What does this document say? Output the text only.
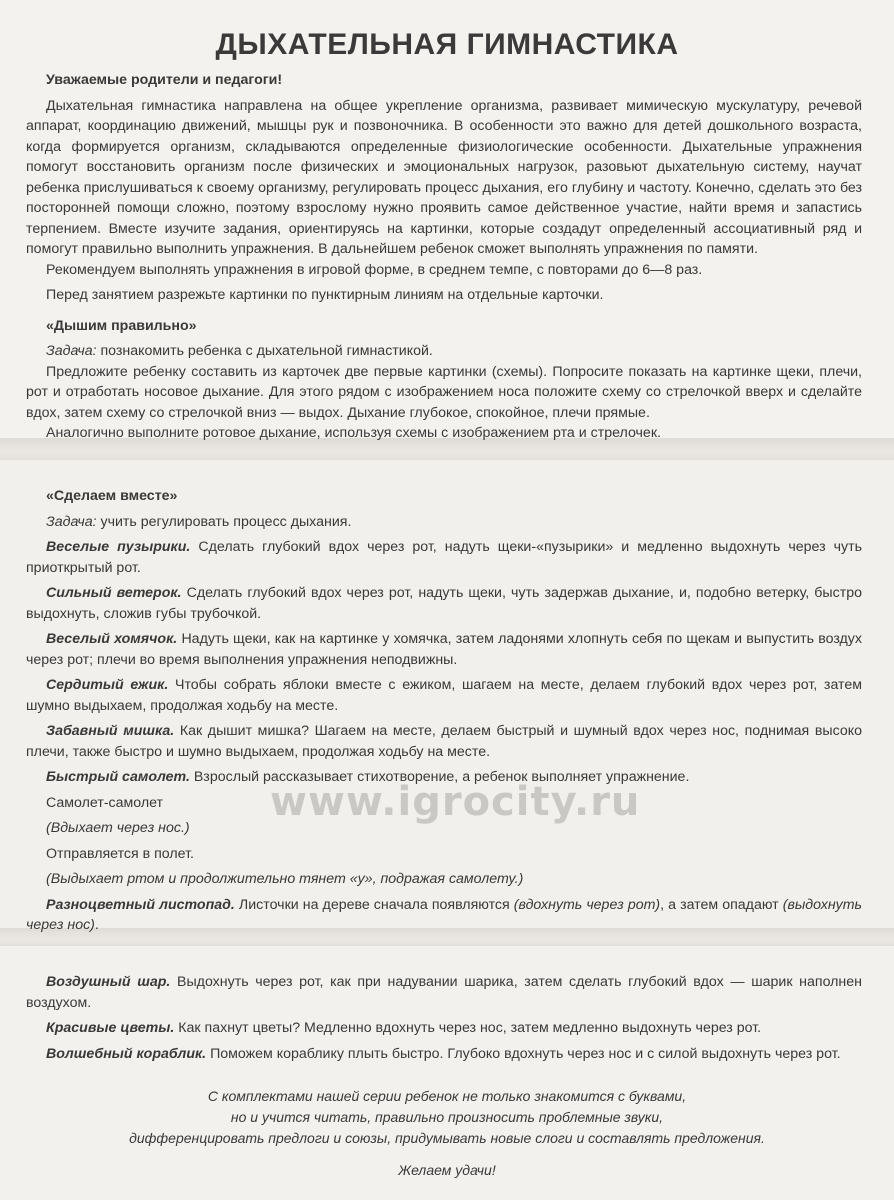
ДЫХАТЕЛЬНАЯ ГИМНАСТИКА

Уважаемые родители и педагоги!

Дыхательная гимнастика направлена на общее укрепление организма, развивает мимическую мускулатуру, речевой аппарат, координацию движений, мышцы рук и позвоночника. В особенности это важно для детей дошкольного возраста, когда формируется организм, складываются определенные физиологические особенности. Дыхательные упражнения помогут восстановить организм после физических и эмоциональных нагрузок, разовьют дыхательную систему, научат ребенка прислушиваться к своему организму, регулировать процесс дыхания, его глубину и частоту. Конечно, сделать это без посторонней помощи сложно, поэтому взрослому нужно проявить самое действенное участие, найти время и запастись терпением. Вместе изучите задания, ориентируясь на картинки, которые создадут определенный ассоциативный ряд и помогут правильно выполнить упражнения. В дальнейшем ребенок сможет выполнять упражнения по памяти.

Рекомендуем выполнять упражнения в игровой форме, в среднем темпе, с повторами до 6—8 раз.

Перед занятием разрежьте картинки по пунктирным линиям на отдельные карточки.

«Дышим правильно»

Задача: познакомить ребенка с дыхательной гимнастикой.

Предложите ребенку составить из карточек две первые картинки (схемы). Попросите показать на картинке щеки, плечи, рот и отработать носовое дыхание. Для этого рядом с изображением носа положите схему со стрелочкой вверх и сделайте вдох, затем схему со стрелочкой вниз — выдох. Дыхание глубокое, спокойное, плечи прямые.

Аналогично выполните ротовое дыхание, используя схемы с изображением рта и стрелочек.

«Сделаем вместе»

Задача: учить регулировать процесс дыхания.

Веселые пузырики. Сделать глубокий вдох через рот, надуть щеки-«пузырики» и медленно выдохнуть через чуть приоткрытый рот.

Сильный ветерок. Сделать глубокий вдох через рот, надуть щеки, чуть задержав дыхание, и, подобно ветерку, быстро выдохнуть, сложив губы трубочкой.

Веселый хомячок. Надуть щеки, как на картинке у хомячка, затем ладонями хлопнуть себя по щекам и выпустить воздух через рот; плечи во время выполнения упражнения неподвижны.

Сердитый ежик. Чтобы собрать яблоки вместе с ежиком, шагаем на месте, делаем глубокий вдох через рот, затем шумно выдыхаем, продолжая ходьбу на месте.

Забавный мишка. Как дышит мишка? Шагаем на месте, делаем быстрый и шумный вдох через нос, поднимая высоко плечи, также быстро и шумно выдыхаем, продолжая ходьбу на месте.

Быстрый самолет. Взрослый рассказывает стихотворение, а ребенок выполняет упражнение.

Самолет-самолет

(Вдыхает через нос.)

Отправляется в полет.

(Выдыхает ртом и продолжительно тянет «у», подражая самолету.)

Разноцветный листопад. Листочки на дереве сначала появляются (вдохнуть через рот), а затем опадают (выдохнуть через нос).

Воздушный шар. Выдохнуть через рот, как при надувании шарика, затем сделать глубокий вдох — шарик наполнен воздухом.

Красивые цветы. Как пахнут цветы? Медленно вдохнуть через нос, затем медленно выдохнуть через рот.

Волшебный кораблик. Поможем кораблику плыть быстро. Глубоко вдохнуть через нос и с силой выдохнуть через рот.

С комплектами нашей серии ребенок не только знакомится с буквами,

но и учится читать, правильно произносить проблемные звуки,

дифференцировать предлоги и союзы, придумывать новые слоги и составлять предложения.

Желаем удачи!

www.igrocity.ru
